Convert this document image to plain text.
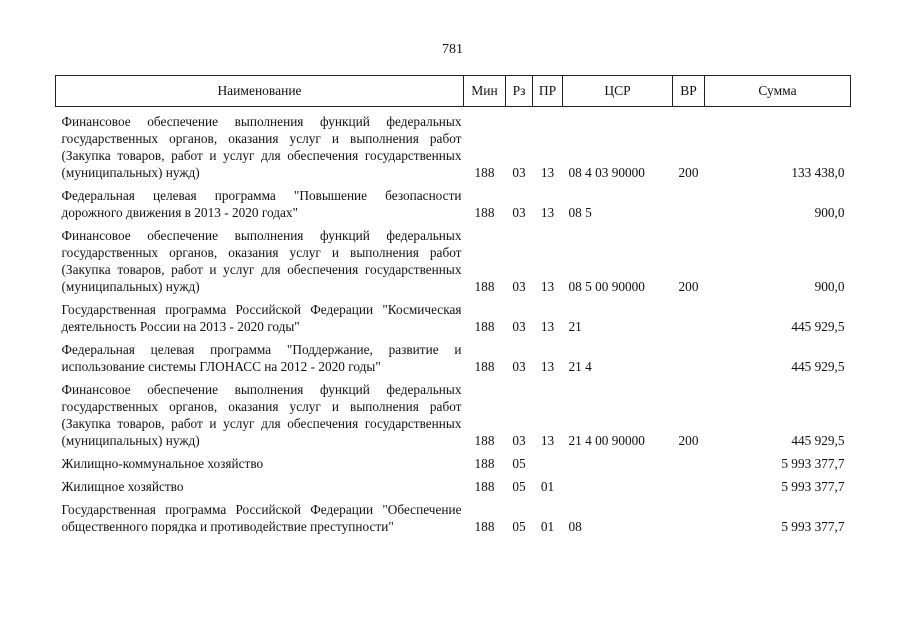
781
Наименование	Мин	Рз	ПР	ЦСР	ВР	Сумма
Финансовое обеспечение выполнения функций федеральных государственных органов, оказания услуг и выполнения работ (Закупка товаров, работ и услуг для обеспечения государственных (муниципальных) нужд)	188	03	13	08 4 03 90000	200	133 438,0
Федеральная целевая программа "Повышение безопасности дорожного движения в 2013 - 2020 годах"	188	03	13	08 5		900,0
Финансовое обеспечение выполнения функций федеральных государственных органов, оказания услуг и выполнения работ (Закупка товаров, работ и услуг для обеспечения государственных (муниципальных) нужд)	188	03	13	08 5 00 90000	200	900,0
Государственная программа Российской Федерации "Космическая деятельность России на 2013 - 2020 годы"	188	03	13	21		445 929,5
Федеральная целевая программа "Поддержание, развитие и использование системы ГЛОНАСС на 2012 - 2020 годы"	188	03	13	21 4		445 929,5
Финансовое обеспечение выполнения функций федеральных государственных органов, оказания услуг и выполнения работ (Закупка товаров, работ и услуг для обеспечения государственных (муниципальных) нужд)	188	03	13	21 4 00 90000	200	445 929,5
Жилищно-коммунальное хозяйство	188	05				5 993 377,7
Жилищное хозяйство	188	05	01			5 993 377,7
Государственная программа Российской Федерации "Обеспечение общественного порядка и противодействие преступности"	188	05	01	08		5 993 377,7
